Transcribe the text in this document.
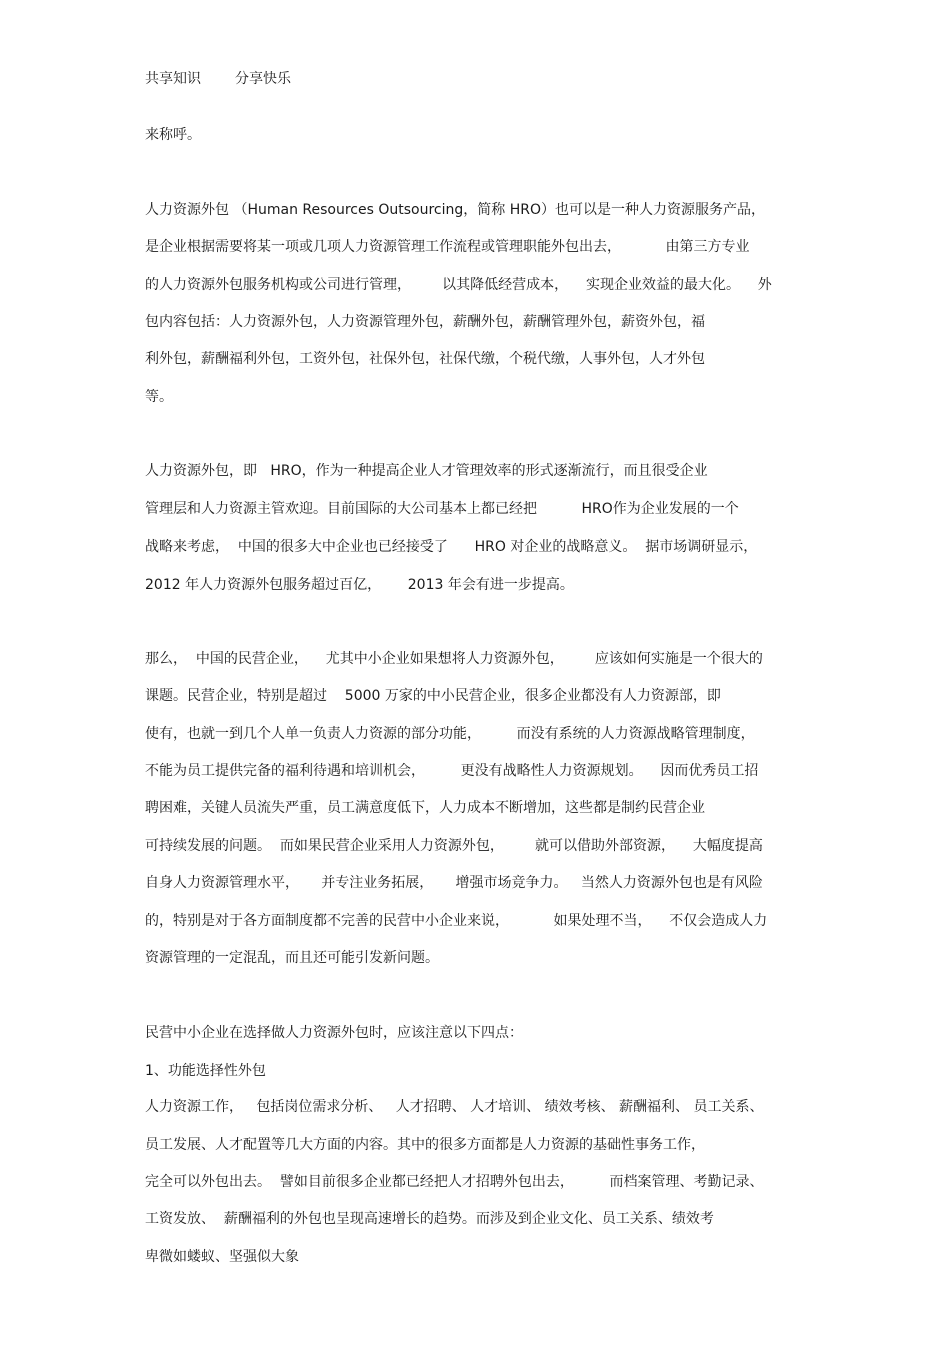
共享知识 分享快乐
来称呼。
人力资源外包 （Human Resources Outsourcing，简称 HRO）也可以是一种人力资源服务产品，
是企业根据需要将某一项或几项人力资源管理工作流程或管理职能外包出去，          由第三方专业
的人力资源外包服务机构或公司进行管理，       以其降低经营成本，    实现企业效益的最大化。    外
包内容包括：人力资源外包，人力资源管理外包，薪酬外包，薪酬管理外包，薪资外包，福
利外包，薪酬福利外包，工资外包，社保外包，社保代缴，个税代缴，人事外包，人才外包
等。
人力资源外包，即   HRO，作为一种提高企业人才管理效率的形式逐渐流行，而且很受企业
管理层和人力资源主管欢迎。目前国际的大公司基本上都已经把          HRO作为企业发展的一个
战略来考虑，  中国的很多大中企业也已经接受了      HRO 对企业的战略意义。  据市场调研显示，
2012 年人力资源外包服务超过百亿，      2013 年会有进一步提高。
那么，  中国的民营企业，    尤其中小企业如果想将人力资源外包，       应该如何实施是一个很大的
课题。民营企业，特别是超过    5000 万家的中小民营企业，很多企业都没有人力资源部，即
使有，也就一到几个人单一负责人力资源的部分功能，        而没有系统的人力资源战略管理制度，
不能为员工提供完备的福利待遇和培训机会，        更没有战略性人力资源规划。    因而优秀员工招
聘困难，关键人员流失严重，员工满意度低下，人力成本不断增加，这些都是制约民营企业
可持续发展的问题。  而如果民营企业采用人力资源外包，       就可以借助外部资源，    大幅度提高
自身人力资源管理水平，     并专注业务拓展，     增强市场竞争力。   当然人力资源外包也是有风险
的，特别是对于各方面制度都不完善的民营中小企业来说，          如果处理不当，    不仅会造成人力
资源管理的一定混乱，而且还可能引发新问题。
民营中小企业在选择做人力资源外包时，应该注意以下四点：
1、功能选择性外包
人力资源工作，   包括岗位需求分析、   人才招聘、 人才培训、 绩效考核、 薪酬福利、 员工关系、
员工发展、人才配置等几大方面的内容。其中的很多方面都是人力资源的基础性事务工作，
完全可以外包出去。  譬如目前很多企业都已经把人才招聘外包出去，        而档案管理、考勤记录、
工资发放、  薪酬福利的外包也呈现高速增长的趋势。而涉及到企业文化、员工关系、绩效考
卑微如蝼蚁、坚强似大象
